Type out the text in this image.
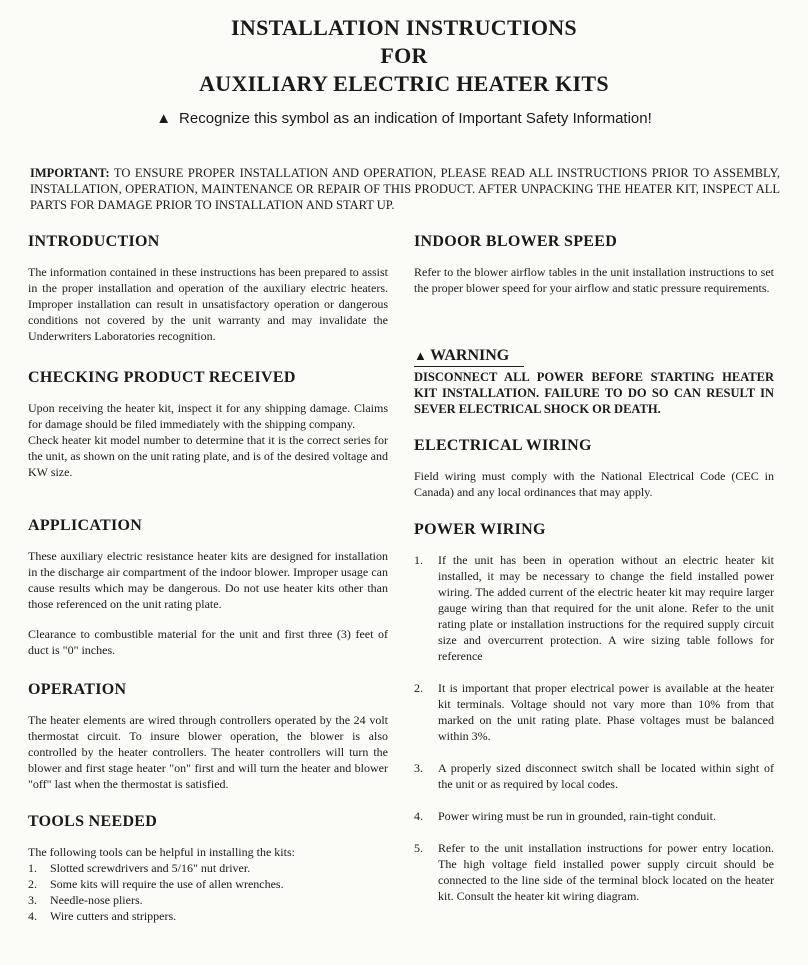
INSTALLATION INSTRUCTIONS
FOR
AUXILIARY ELECTRIC HEATER KITS
▲ Recognize this symbol as an indication of Important Safety Information!
IMPORTANT: TO ENSURE PROPER INSTALLATION AND OPERATION, PLEASE READ ALL INSTRUCTIONS PRIOR TO ASSEMBLY, INSTALLATION, OPERATION, MAINTENANCE OR REPAIR OF THIS PRODUCT. AFTER UNPACKING THE HEATER KIT, INSPECT ALL PARTS FOR DAMAGE PRIOR TO INSTALLATION AND START UP.
INTRODUCTION

The information contained in these instructions has been prepared to assist in the proper installation and operation of the auxiliary electric heaters. Improper installation can result in unsatisfactory operation or dangerous conditions not covered by the unit warranty and may invalidate the Underwriters Laboratories recognition.

CHECKING PRODUCT RECEIVED

Upon receiving the heater kit, inspect it for any shipping damage. Claims for damage should be filed immediately with the shipping company.

Check heater kit model number to determine that it is the correct series for the unit, as shown on the unit rating plate, and is of the desired voltage and KW size.

APPLICATION

These auxiliary electric resistance heater kits are designed for installation in the discharge air compartment of the indoor blower. Improper usage can cause results which may be dangerous. Do not use heater kits other than those referenced on the unit rating plate.

Clearance to combustible material for the unit and first three (3) feet of duct is "0" inches.

OPERATION

The heater elements are wired through controllers operated by the 24 volt thermostat circuit. To insure blower operation, the blower is also controlled by the heater controllers. The heater controllers will turn the blower and first stage heater "on" first and will turn the heater and blower "off" last when the thermostat is satisfied.

TOOLS NEEDED

The following tools can be helpful in installing the kits:

1.	Slotted screwdrivers and 5/16" nut driver.
2.	Some kits will require the use of allen wrenches.
3.	Needle-nose pliers.
4.	Wire cutters and strippers.
INDOOR BLOWER SPEED

Refer to the blower airflow tables in the unit installation instructions to set the proper blower speed for your airflow and static pressure requirements.

▲ WARNING

DISCONNECT ALL POWER BEFORE STARTING HEATER KIT INSTALLATION. FAILURE TO DO SO CAN RESULT IN SEVER ELECTRICAL SHOCK OR DEATH.

ELECTRICAL WIRING

Field wiring must comply with the National Electrical Code (CEC in Canada) and any local ordinances that may apply.

POWER WIRING
1.	If the unit has been in operation without an electric heater kit installed, it may be necessary to change the field installed power wiring. The added current of the electric heater kit may require larger gauge wiring than that required for the unit alone. Refer to the unit rating plate or installation instructions for the required supply circuit size and overcurrent protection. A wire sizing table follows for reference
2.	It is important that proper electrical power is available at the heater kit terminals. Voltage should not vary more than 10% from that marked on the unit rating plate. Phase voltages must be balanced within 3%.
3.	A properly sized disconnect switch shall be located within sight of the unit or as required by local codes.
4.	Power wiring must be run in grounded, rain-tight conduit.
5.	Refer to the unit installation instructions for power entry location. The high voltage field installed power supply circuit should be connected to the line side of the terminal block located on the heater kit. Consult the heater kit wiring diagram.
